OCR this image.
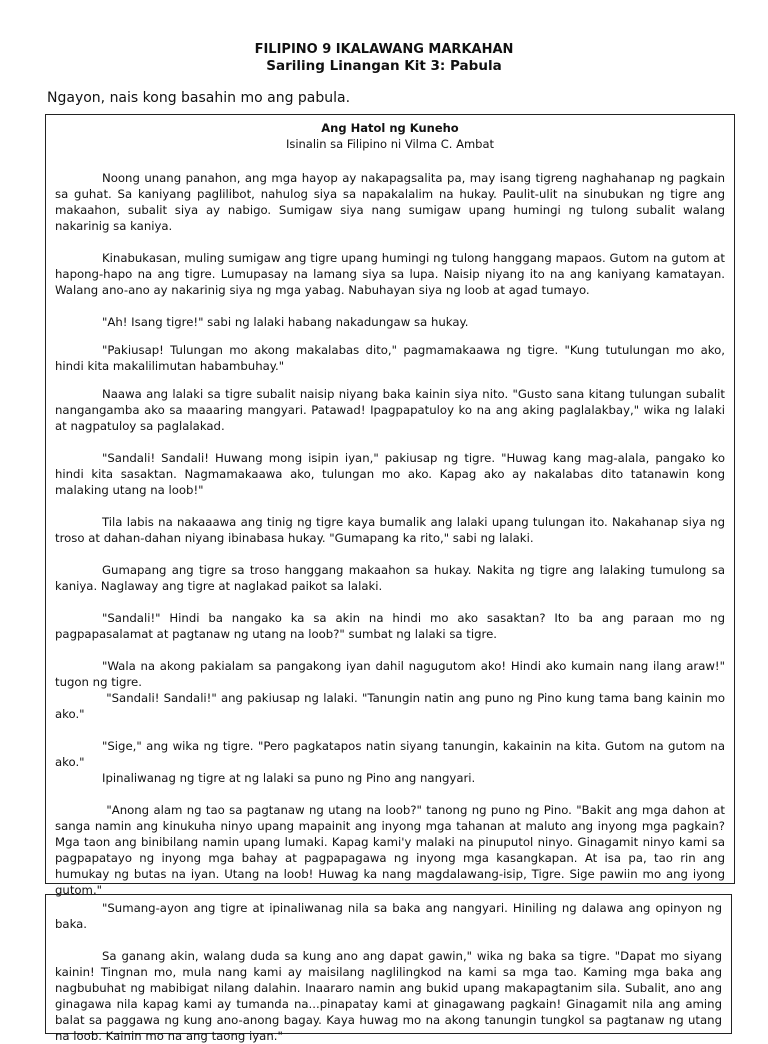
FILIPINO 9 IKALAWANG MARKAHAN
Sariling Linangan Kit 3: Pabula
Ngayon, nais kong basahin mo ang pabula.
Ang Hatol ng Kuneho
Isinalin sa Filipino ni Vilma C. Ambat

Noong unang panahon, ang mga hayop ay nakapagsalita pa, may isang tigreng naghahanap ng pagkain sa guhat. Sa kaniyang paglilibot, nahulog siya sa napakalalim na hukay. Paulit-ulit na sinubukan ng tigre ang makaahon, subalit siya ay nabigo. Sumigaw siya nang sumigaw upang humingi ng tulong subalit walang nakarinig sa kaniya.

Kinabukasan, muling sumigaw ang tigre upang humingi ng tulong hanggang mapaos. Gutom na gutom at hapong-hapo na ang tigre. Lumupasay na lamang siya sa lupa. Naisip niyang ito na ang kaniyang kamatayan. Walang ano-ano ay nakarinig siya ng mga yabag. Nabuhayan siya ng loob at agad tumayo.

"Ah! Isang tigre!" sabi ng lalaki habang nakadungaw sa hukay.

"Pakiusap! Tulungan mo akong makalabas dito," pagmamakaawa ng tigre. "Kung tutulungan mo ako, hindi kita makalilimutan habambuhay."

Naawa ang lalaki sa tigre subalit naisip niyang baka kainin siya nito. "Gusto sana kitang tulungan subalit nangangamba ako sa maaaring mangyari. Patawad! Ipagpapatuloy ko na ang aking paglalakbay," wika ng lalaki at nagpatuloy sa paglalakad.

"Sandali! Sandali! Huwang mong isipin iyan," pakiusap ng tigre. "Huwag kang mag-alala, pangako ko hindi kita sasaktan. Nagmamakaawa ako, tulungan mo ako. Kapag ako ay nakalabas dito tatanawin kong malaking utang na loob!"

Tila labis na nakaaawa ang tinig ng tigre kaya bumalik ang lalaki upang tulungan ito. Nakahanap siya ng troso at dahan-dahan niyang ibinabasa hukay. "Gumapang ka rito," sabi ng lalaki.

Gumapang ang tigre sa troso hanggang makaahon sa hukay. Nakita ng tigre ang lalaking tumulong sa kaniya. Naglaway ang tigre at naglakad paikot sa lalaki.

"Sandali!" Hindi ba nangako ka sa akin na hindi mo ako sasaktan? Ito ba ang paraan mo ng pagpapasalamat at pagtanaw ng utang na loob?" sumbat ng lalaki sa tigre.

"Wala na akong pakialam sa pangakong iyan dahil nagugutom ako! Hindi ako kumain nang ilang araw!" tugon ng tigre.

"Sandali! Sandali!" ang pakiusap ng lalaki. "Tanungin natin ang puno ng Pino kung tama bang kainin mo ako."

"Sige," ang wika ng tigre. "Pero pagkatapos natin siyang tanungin, kakainin na kita. Gutom na gutom na ako."

Ipinaliwanag ng tigre at ng lalaki sa puno ng Pino ang nangyari.

"Anong alam ng tao sa pagtanaw ng utang na loob?" tanong ng puno ng Pino. "Bakit ang mga dahon at sanga namin ang kinukuha ninyo upang mapainit ang inyong mga tahanan at maluto ang inyong mga pagkain? Mga taon ang binibilang namin upang lumaki. Kapag kami'y malaki na pinuputol ninyo. Ginagamit ninyo kami sa pagpapatayo ng inyong mga bahay at pagpapagawa ng inyong mga kasangkapan. At isa pa, tao rin ang humukay ng butas na iyan. Utang na loob! Huwag ka nang magdalawang-isip, Tigre. Sige pawiin mo ang iyong gutom."

"Sumang-ayon ang tigre at ipinaliwanag nila sa baka ang nangyari. Hiniling ng dalawa ang opinyon ng baka.

Sa ganang akin, walang duda sa kung ano ang dapat gawin," wika ng baka sa tigre. "Dapat mo siyang kainin! Tingnan mo, mula nang kami ay maisilang naglilingkod na kami sa mga tao. Kaming mga baka ang nagbubuhat ng mabibigat nilang dalahin. Inaararo namin ang bukid upang makapagtanim sila. Subalit, ano ang ginagawa nila kapag kami ay tumanda na...pinapatay kami at ginagawang pagkain! Ginagamit nila ang aming balat sa paggawa ng kung ano-anong bagay. Kaya huwag mo na akong tanungin tungkol sa pagtanaw ng utang na loob. Kainin mo na ang taong iyan."
